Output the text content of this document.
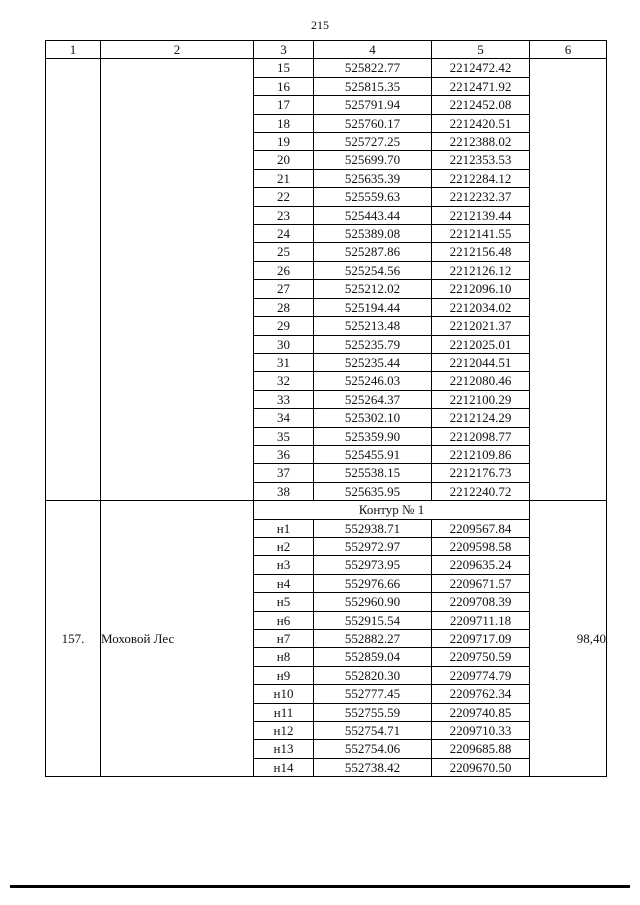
215
1	2	3	4	5	6
		15	525822.77	2212472.42	
		16	525815.35	2212471.92	
		17	525791.94	2212452.08	
		18	525760.17	2212420.51	
		19	525727.25	2212388.02	
		20	525699.70	2212353.53	
		21	525635.39	2212284.12	
		22	525559.63	2212232.37	
		23	525443.44	2212139.44	
		24	525389.08	2212141.55	
		25	525287.86	2212156.48	
		26	525254.56	2212126.12	
		27	525212.02	2212096.10	
		28	525194.44	2212034.02	
		29	525213.48	2212021.37	
		30	525235.79	2212025.01	
		31	525235.44	2212044.51	
		32	525246.03	2212080.46	
		33	525264.37	2212100.29	
		34	525302.10	2212124.29	
		35	525359.90	2212098.77	
		36	525455.91	2212109.86	
		37	525538.15	2212176.73	
		38	525635.95	2212240.72	
157.	Моховой Лес	Контур № 1			98,40
		н1	552938.71	2209567.84	
		н2	552972.97	2209598.58	
		н3	552973.95	2209635.24	
		н4	552976.66	2209671.57	
		н5	552960.90	2209708.39	
		н6	552915.54	2209711.18	
		н7	552882.27	2209717.09	
		н8	552859.04	2209750.59	
		н9	552820.30	2209774.79	
		н10	552777.45	2209762.34	
		н11	552755.59	2209740.85	
		н12	552754.71	2209710.33	
		н13	552754.06	2209685.88	
		н14	552738.42	2209670.50	
